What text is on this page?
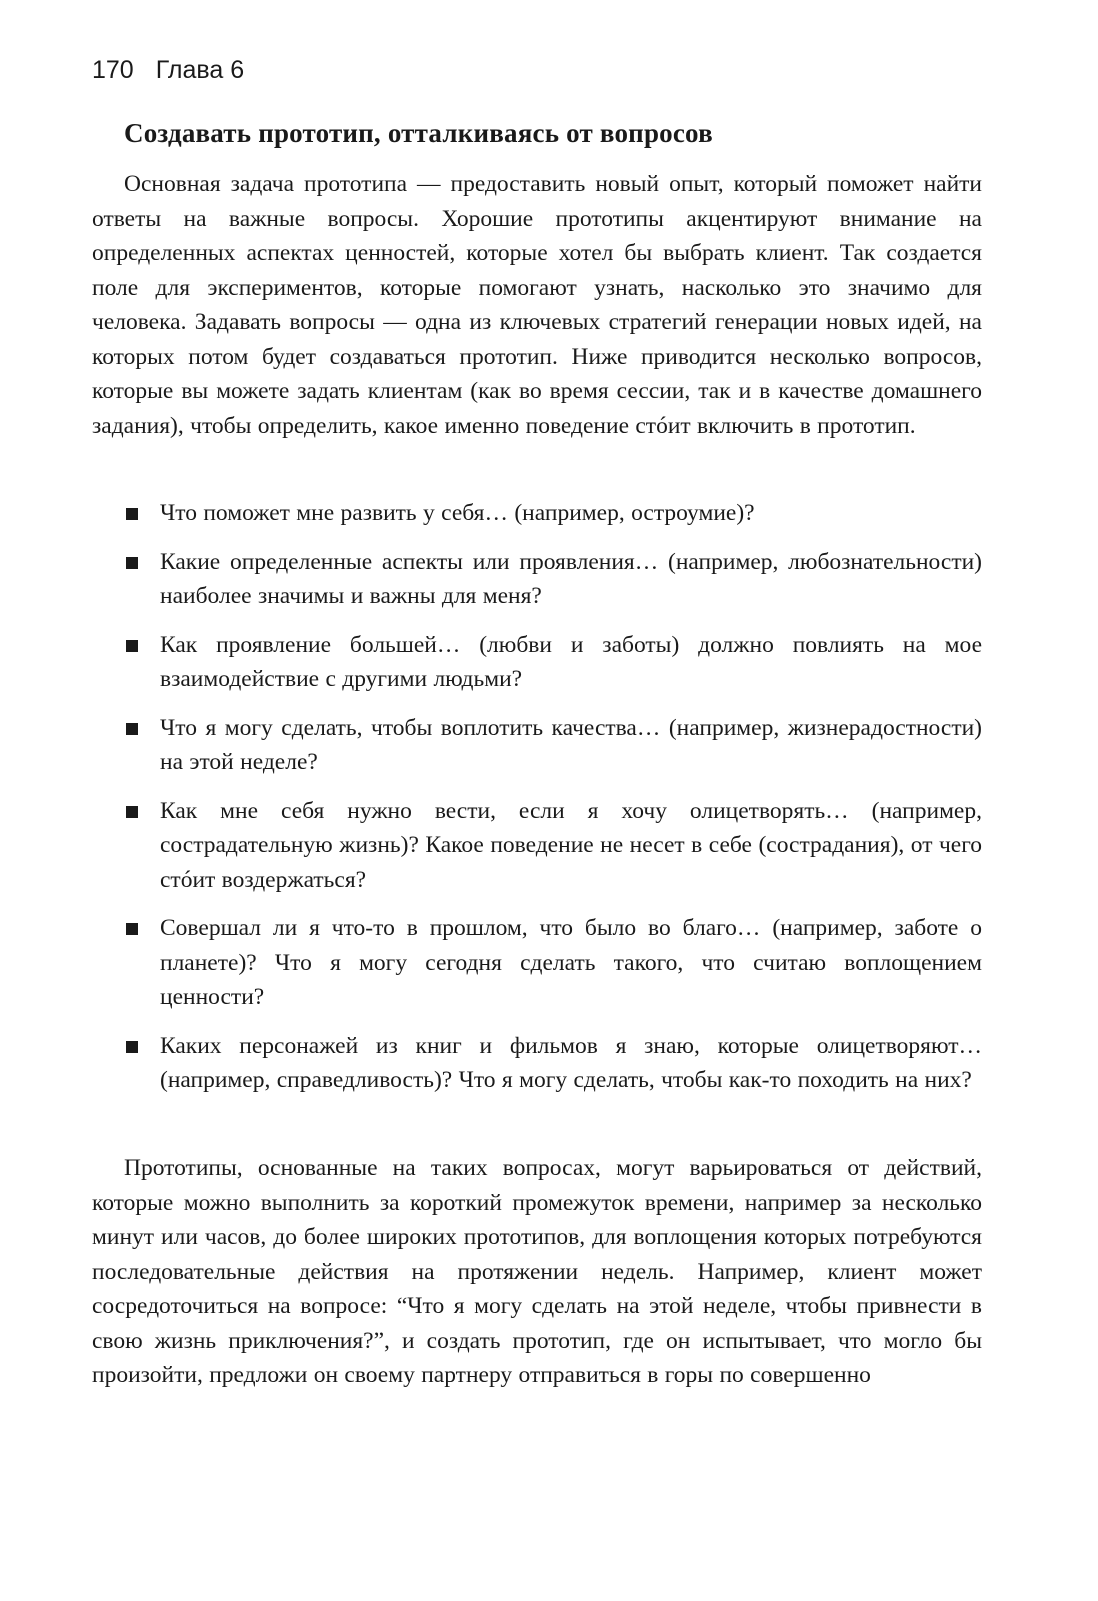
170 Глава 6
Создавать прототип, отталкиваясь от вопросов

Основная задача прототипа — предоставить новый опыт, который поможет найти ответы на важные вопросы. Хорошие прототипы акцентируют внимание на определенных аспектах ценностей, которые хотел бы выбрать клиент. Так создается поле для экспериментов, которые помогают узнать, насколько это значимо для человека. Задавать вопросы — одна из ключевых стратегий генерации новых идей, на которых потом будет создаваться прототип. Ниже приводится несколько вопросов, которые вы можете задать клиентам (как во время сессии, так и в качестве домашнего задания), чтобы определить, какое именно поведение стóит включить в прототип.

Что поможет мне развить у себя… (например, остроумие)?
Какие определенные аспекты или проявления… (например, любознательности) наиболее значимы и важны для меня?
Как проявление большей… (любви и заботы) должно повлиять на мое взаимодействие с другими людьми?
Что я могу сделать, чтобы воплотить качества… (например, жизнерадостности) на этой неделе?
Как мне себя нужно вести, если я хочу олицетворять… (например, сострадательную жизнь)? Какое поведение не несет в себе (сострадания), от чего стóит воздержаться?
Совершал ли я что-то в прошлом, что было во благо… (например, заботе о планете)? Что я могу сегодня сделать такого, что считаю воплощением ценности?
Каких персонажей из книг и фильмов я знаю, которые олицетворяют… (например, справедливость)? Что я могу сделать, чтобы как-то походить на них?

Прототипы, основанные на таких вопросах, могут варьироваться от действий, которые можно выполнить за короткий промежуток времени, например за несколько минут или часов, до более широких прототипов, для воплощения которых потребуются последовательные действия на протяжении недель. Например, клиент может сосредоточиться на вопросе: “Что я могу сделать на этой неделе, чтобы привнести в свою жизнь приключения?”, и создать прототип, где он испытывает, что могло бы произойти, предложи он своему партнеру отправиться в горы по совершенно
